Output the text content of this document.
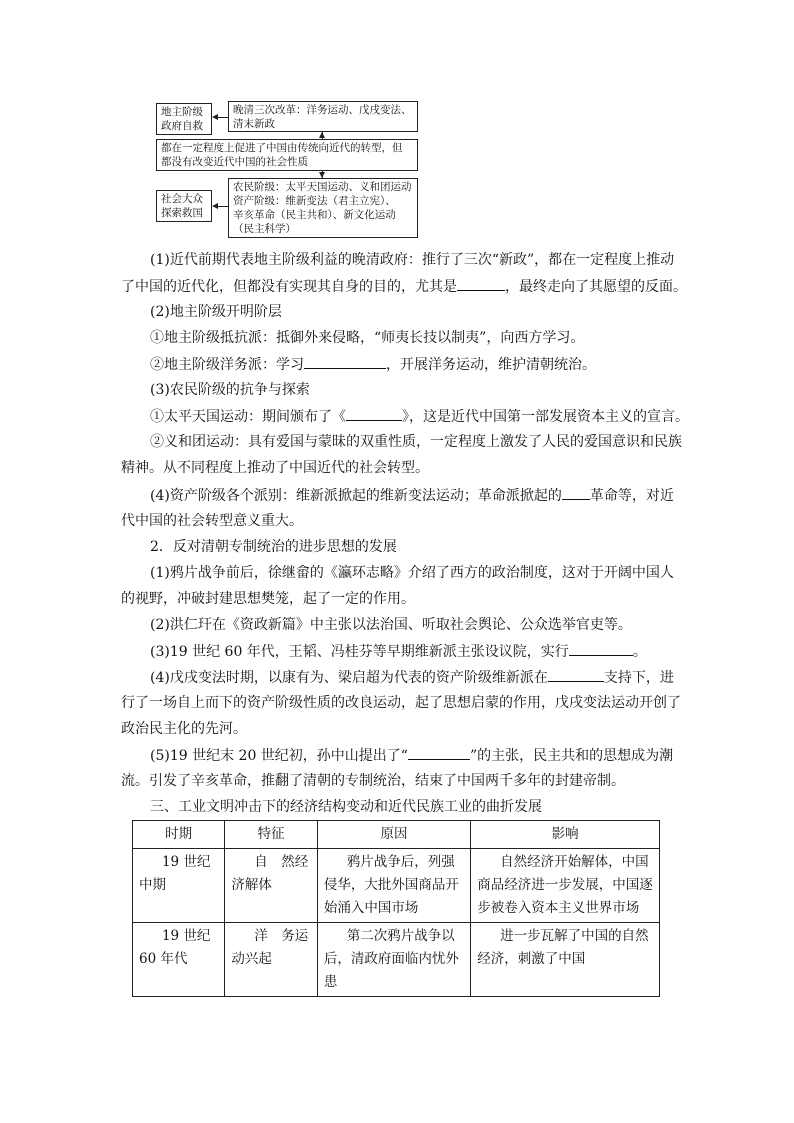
地主阶级
政府自救
晚清三次改革：洋务运动、戊戌变法、
清末新政
都在一定程度上促进了中国由传统向近代的转型，但
都没有改变近代中国的社会性质
社会大众
探索救国
农民阶级：太平天国运动、义和团运动
资产阶级：维新变法（君主立宪）、
辛亥革命（民主共和）、新文化运动
（民主科学）
(1)近代前期代表地主阶级利益的晚清政府：推行了三次“新政”，都在一定程度上推动
了中国的近代化，但都没有实现其自身的目的，尤其是	，最终走向了其愿望的反面。
(2)地主阶级开明阶层
①地主阶级抵抗派：抵御外来侵略，“师夷长技以制夷”，向西方学习。
②地主阶级洋务派：学习	，开展洋务运动，维护清朝统治。
(3)农民阶级的抗争与探索
①太平天国运动：期间颁布了《	》，这是近代中国第一部发展资本主义的宣言。
②义和团运动：具有爱国与蒙昧的双重性质，一定程度上激发了人民的爱国意识和民族
精神。从不同程度上推动了中国近代的社会转型。
(4)资产阶级各个派别：维新派掀起的维新变法运动；革命派掀起的 革命等，对近
代中国的社会转型意义重大。
2．反对清朝专制统治的进步思想的发展
(1)鸦片战争前后，徐继畲的《瀛环志略》介绍了西方的政治制度，这对于开阔中国人
的视野，冲破封建思想樊笼，起了一定的作用。
(2)洪仁玕在《资政新篇》中主张以法治国、听取社会舆论、公众选举官吏等。
(3)19 世纪 60 年代，王韬、冯桂芬等早期维新派主张设议院，实行	。
(4)戊戌变法时期，以康有为、梁启超为代表的资产阶级维新派在	支持下，进
行了一场自上而下的资产阶级性质的改良运动，起了思想启蒙的作用，戊戌变法运动开创了
政治民主化的先河。
(5)19 世纪末 20 世纪初，孙中山提出了“	”的主张，民主共和的思想成为潮
流。引发了辛亥革命，推翻了清朝的专制统治，结束了中国两千多年的封建帝制。
三、工业文明冲击下的经济结构变动和近代民族工业的曲折发展
时期	特征	原因	影响
19 世纪中期	自　然经济解体	鸦片战争后，列强侵华，大批外国商品开始涌入中国市场	自然经济开始解体，中国商品经济进一步发展，中国逐步被卷入资本主义世界市场
19 世纪60 年代	洋　务运动兴起	第二次鸦片战争以后，清政府面临内忧外患	进一步瓦解了中国的自然经济，刺激了中国
